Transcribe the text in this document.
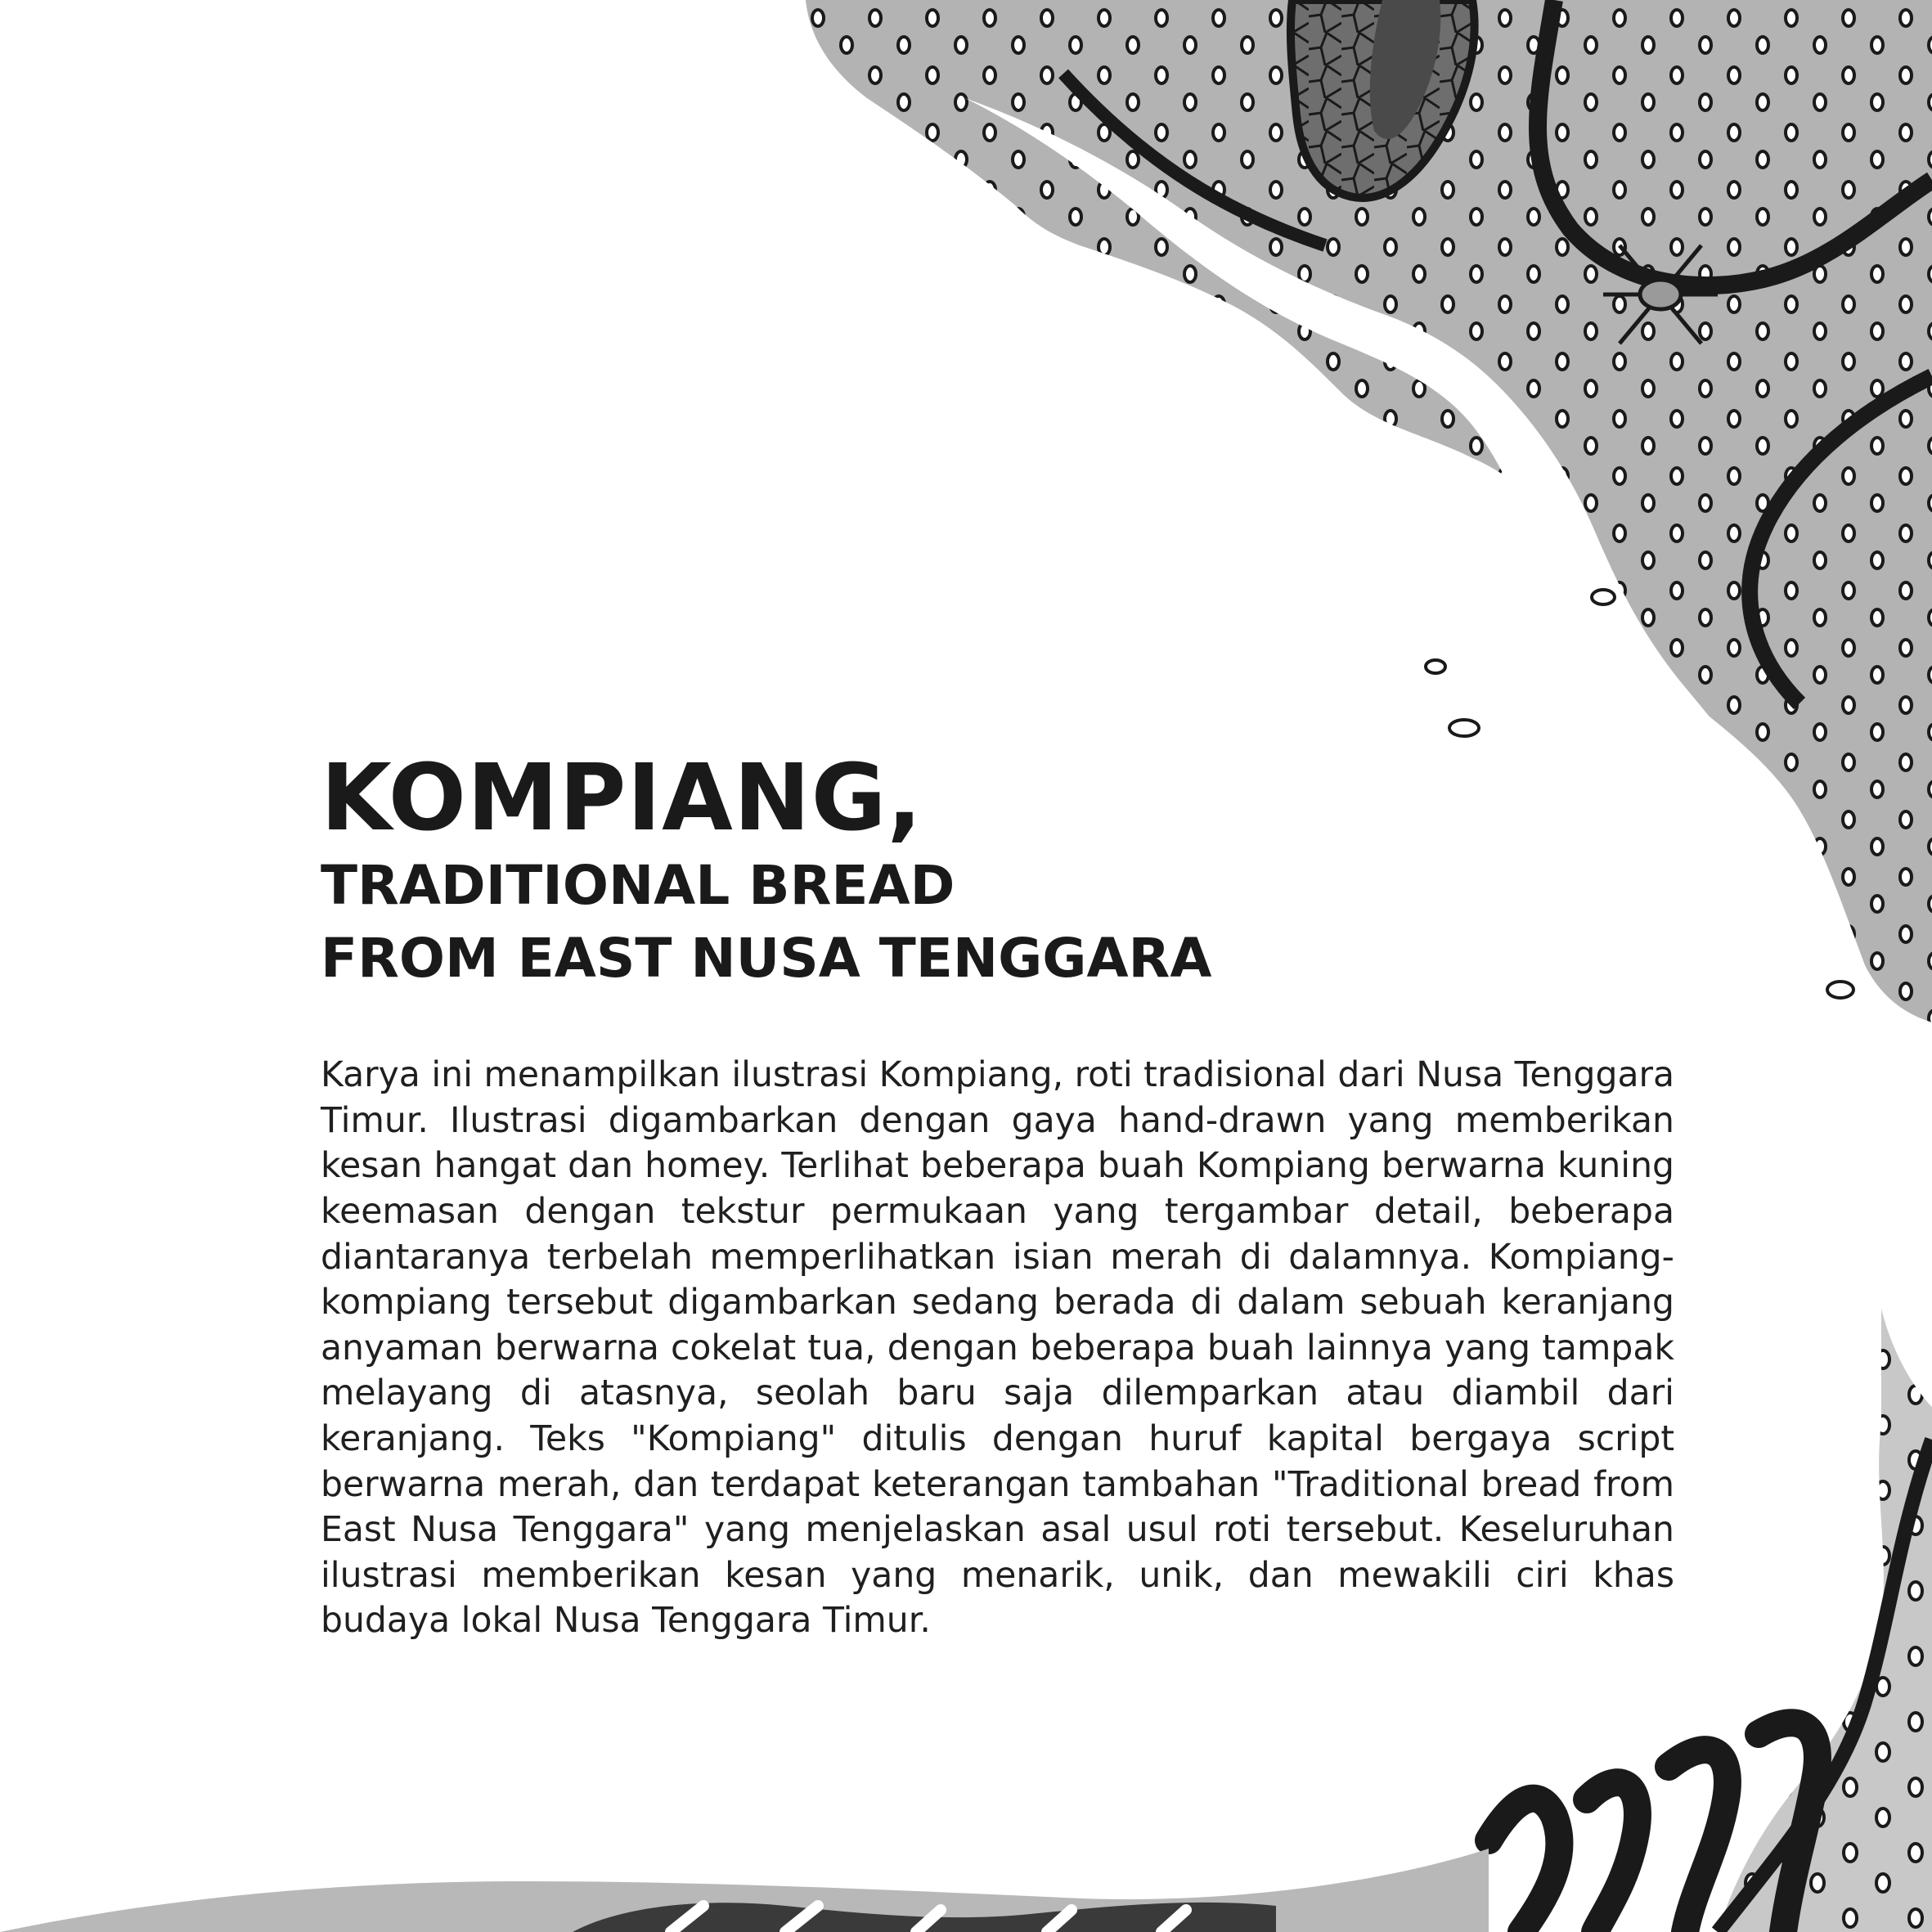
KOMPIANG,
TRADITIONAL BREAD
FROM EAST NUSA TENGGARA

Karya ini menampilkan ilustrasi Kompiang, roti tradisional dari Nusa Tenggara Timur. Ilustrasi digambarkan dengan gaya hand-drawn yang memberikan kesan hangat dan homey. Terlihat beberapa buah Kompiang berwarna kuning keemasan dengan tekstur permukaan yang tergambar detail, beberapa diantaranya terbelah memperlihatkan isian merah di dalamnya. Kompiang-kompiang tersebut digambarkan sedang berada di dalam sebuah keranjang anyaman berwarna cokelat tua, dengan beberapa buah lainnya yang tampak melayang di atasnya, seolah baru saja dilemparkan atau diambil dari keranjang. Teks "Kompiang" ditulis dengan huruf kapital bergaya script berwarna merah, dan terdapat keterangan tambahan "Traditional bread from East Nusa Tenggara" yang menjelaskan asal usul roti tersebut. Keseluruhan ilustrasi memberikan kesan yang menarik, unik, dan mewakili ciri khas budaya lokal Nusa Tenggara Timur.
